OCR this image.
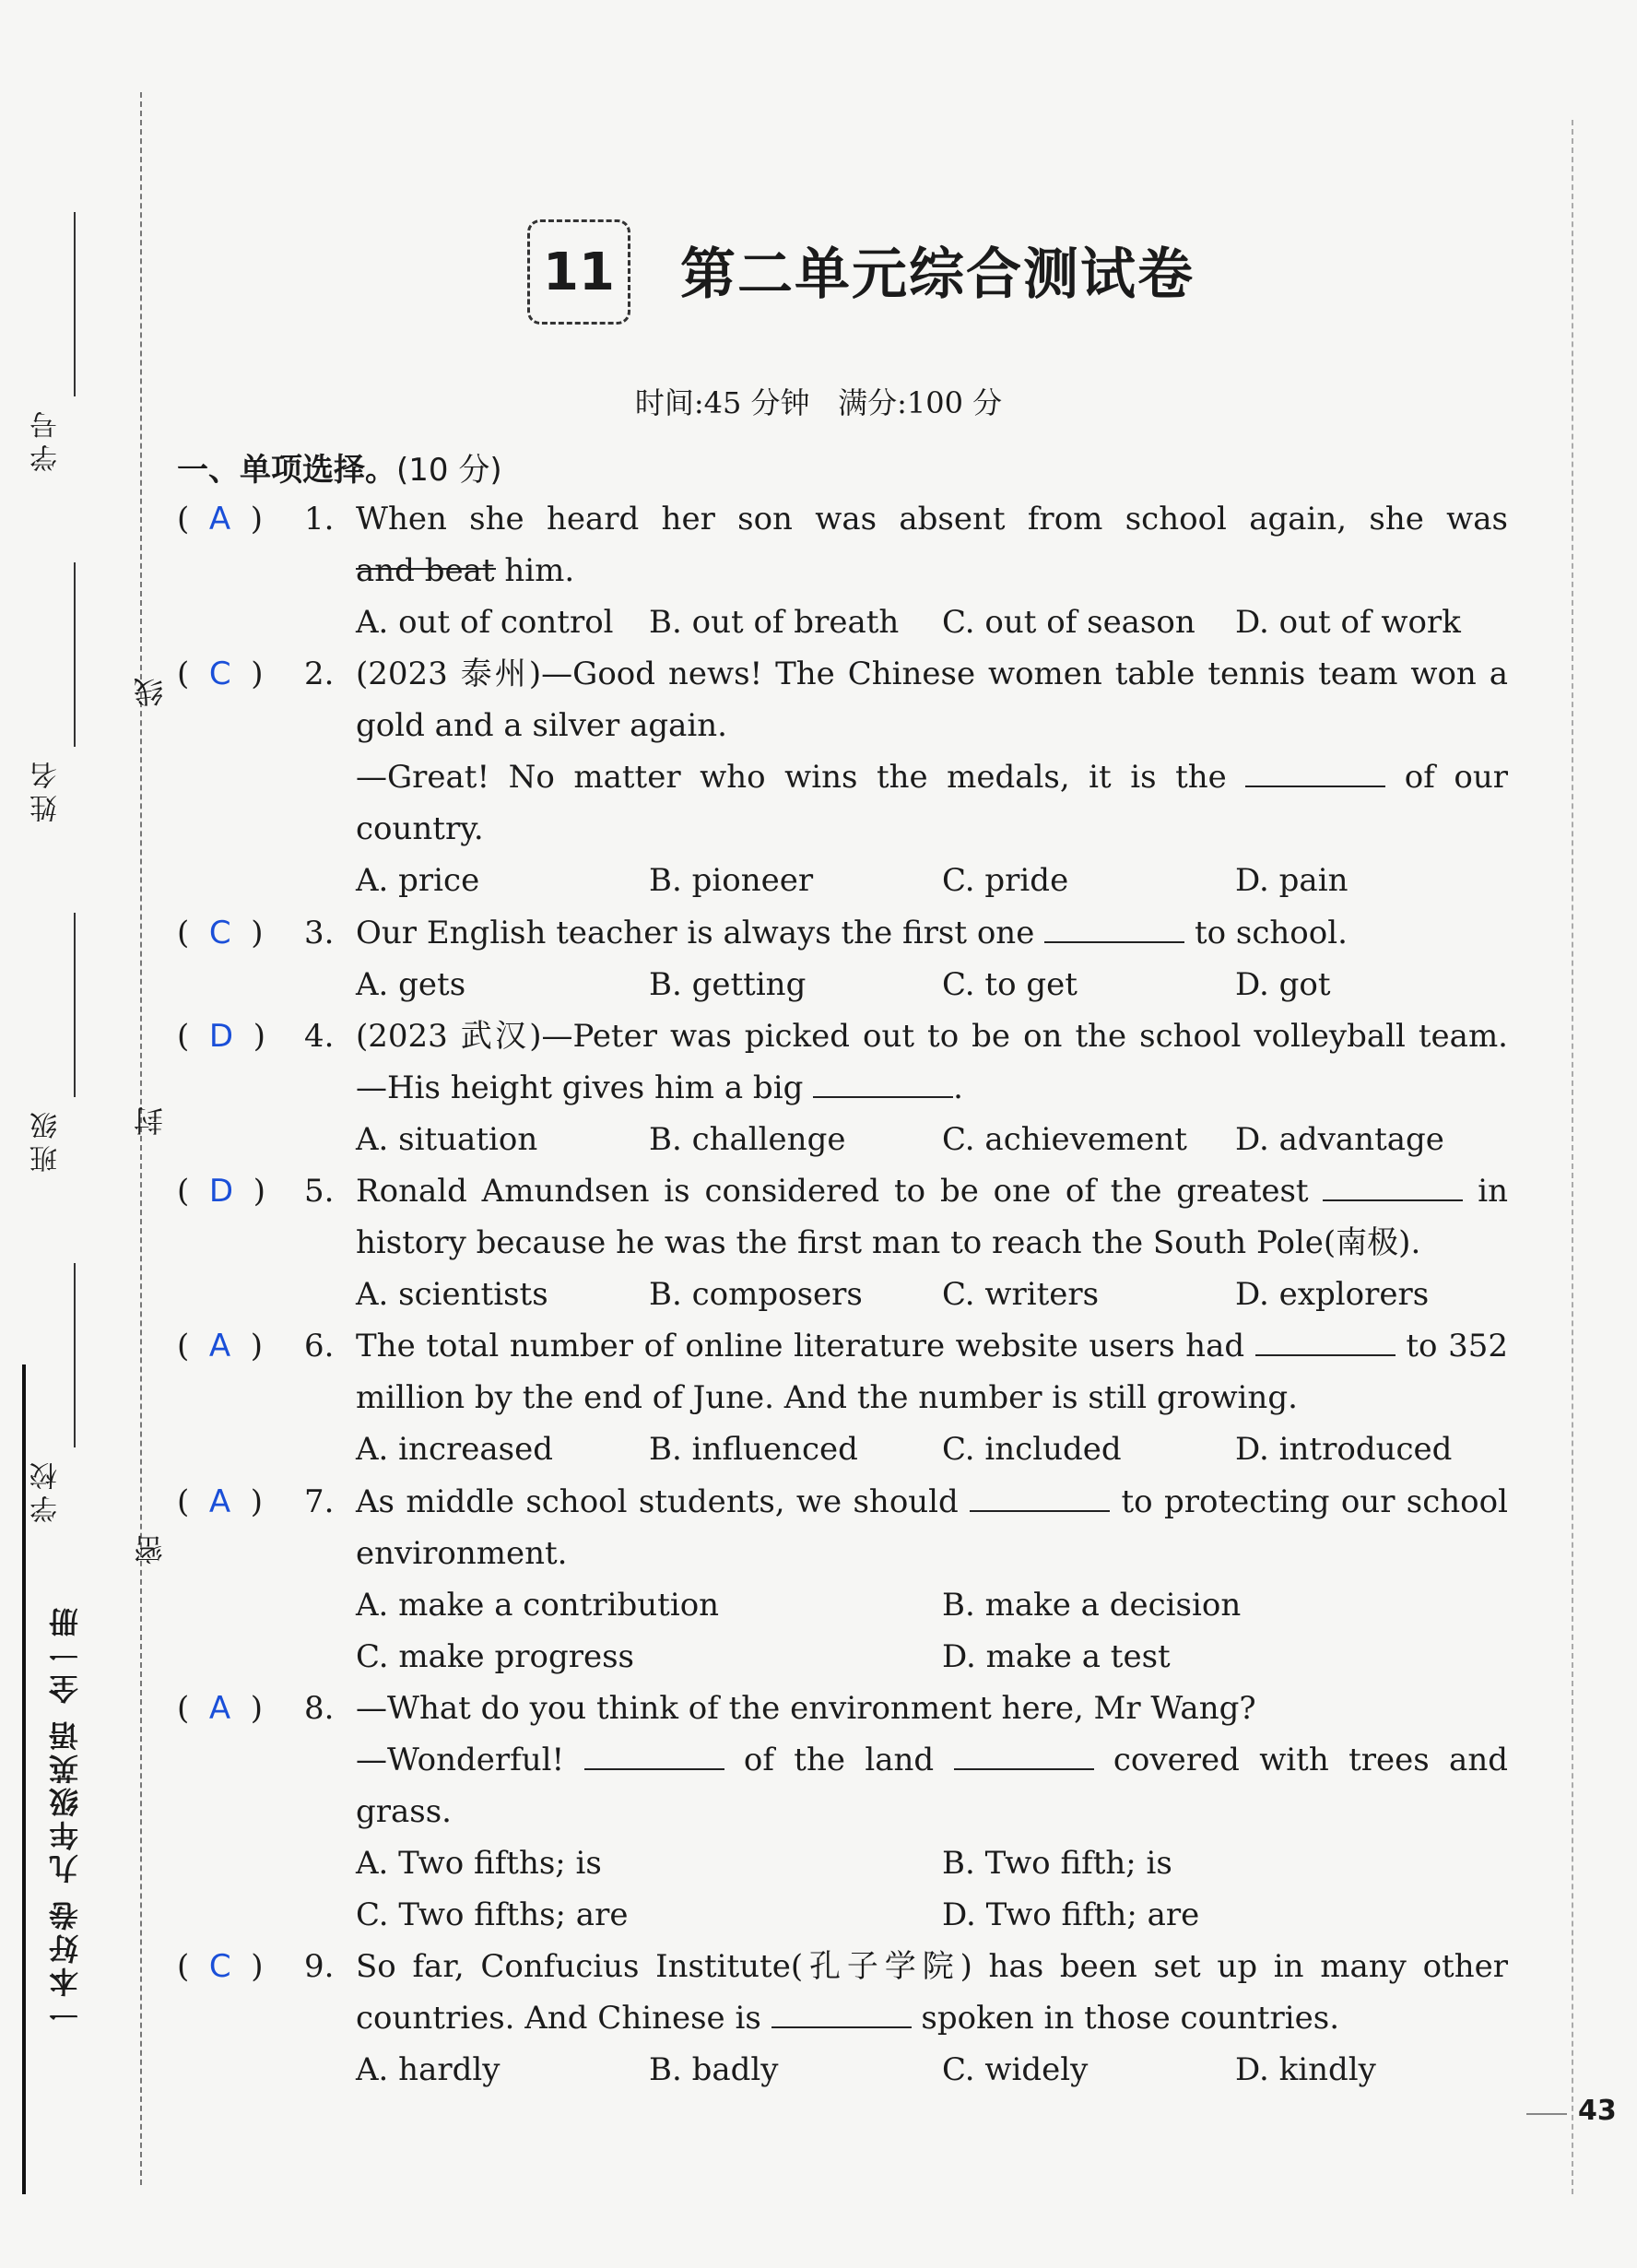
学号
姓名
班级
学校
线
封
密
一本好卷 九年级英语 全一册
11 第二单元综合测试卷
时间:45 分钟   满分:100 分
一、单项选择。(10 分)
43
(  A  ) 1. When she heard her son was absent from school again, she was
and beat him.
A. out of control B. out of breath C. out of season D. out of work
(  C  ) 2. (2023 泰州)—Good news! The Chinese women table tennis team won a
gold and a silver again.
—Great! No matter who wins the medals, it is the	of our
country.
A. price	B. pioneer	C. pride	D. pain
(  C  ) 3. Our English teacher is always the first one	to school.
A. gets	B. getting	C. to get	D. got
(  D  ) 4. (2023 武汉)—Peter was picked out to be on the school volleyball team.
—His height gives him a big	.
A. situation	B. challenge	C. achievement D. advantage
(  D  ) 5. Ronald Amundsen is considered to be one of the greatest	in
history because he was the first man to reach the South Pole(南极).
A. scientists	B. composers	C. writers	D. explorers
(  A  ) 6. The total number of online literature website users had	to 352
million by the end of June. And the number is still growing.
A. increased	B. influenced	C. included	D. introduced
(  A  ) 7. As middle school students, we should	to protecting our school
environment.
A. make a contribution	B. make a decision
C. make progress	D. make a test
(  A  ) 8. —What do you think of the environment here, Mr Wang?
—Wonderful!	of the land	covered with trees and
grass.
A. Two fifths; is	B. Two fifth; is
C. Two fifths; are	D. Two fifth; are
(  C  ) 9. So far, Confucius Institute(孔子学院) has been set up in many other
countries. And Chinese is	spoken in those countries.
A. hardly	B. badly	C. widely	D. kindly
